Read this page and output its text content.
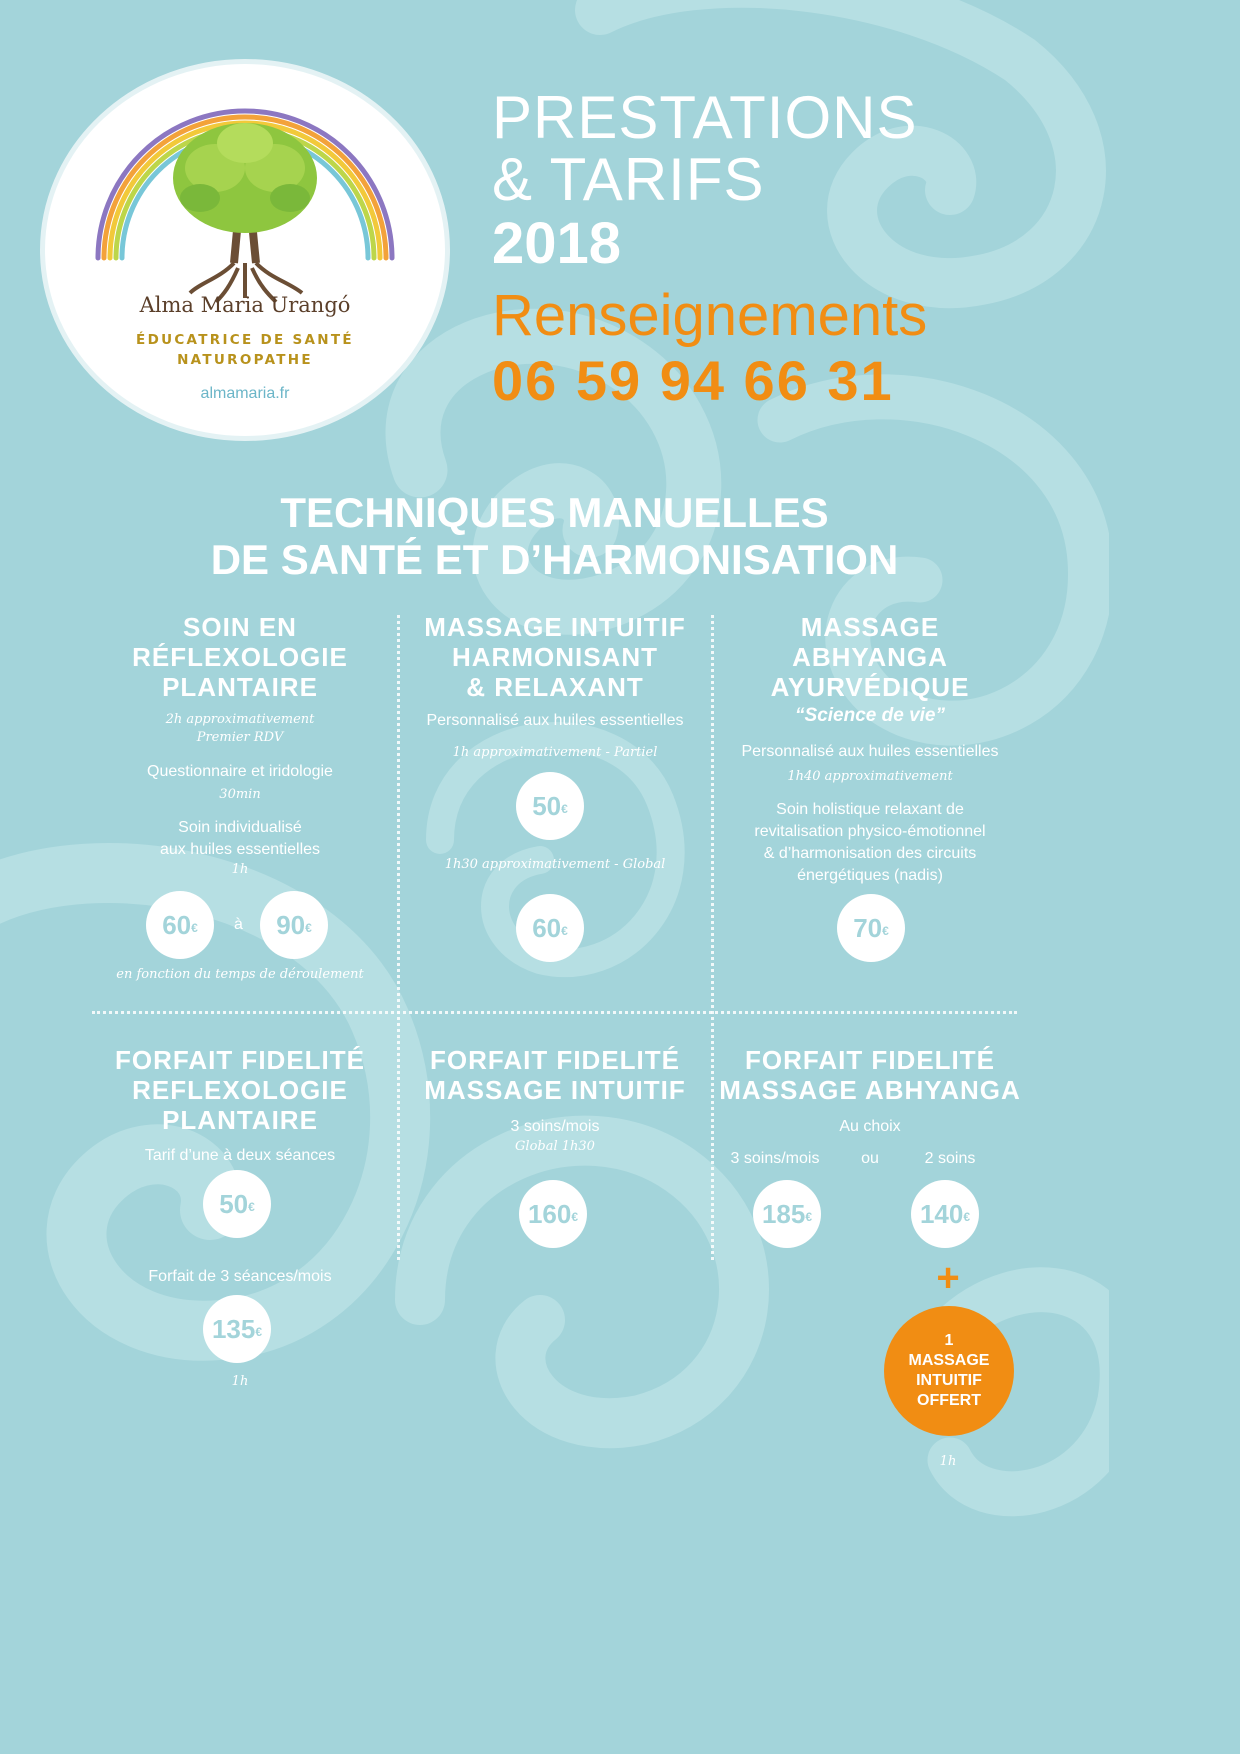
Alma Maria Urangó
ÉDUCATRICE DE SANTÉ
NATUROPATHE
almamaria.fr
PRESTATIONS
& TARIFS
2018
Renseignements
06 59 94 66 31
TECHNIQUES MANUELLES
DE SANTÉ ET D’HARMONISATION
SOIN EN
RÉFLEXOLOGIE
PLANTAIRE
2h approximativement
Premier RDV
Questionnaire et iridologie
30min
Soin individualisé
aux huiles essentielles
1h
60€	à	90€
en fonction du temps de déroulement
MASSAGE INTUITIF
HARMONISANT
& RELAXANT
Personnalisé aux huiles essentielles
1h approximativement - Partiel
50€
1h30 approximativement - Global
60€
MASSAGE
ABHYANGA
AYURVÉDIQUE
“Science de vie”
Personnalisé aux huiles essentielles
1h40 approximativement
Soin holistique relaxant de
revitalisation physico-émotionnel
& d’harmonisation des circuits
énergétiques (nadis)
70€
FORFAIT FIDELITÉ
REFLEXOLOGIE
PLANTAIRE
Tarif d’une à deux séances
50€
Forfait de 3 séances/mois
135€
1h
FORFAIT FIDELITÉ
MASSAGE INTUITIF
3 soins/mois
Global 1h30
160€
FORFAIT FIDELITÉ
MASSAGE ABHYANGA
Au choix
3 soins/mois	ou	2 soins
185€	140€
+
1
MASSAGE
INTUITIF
OFFERT
1h
